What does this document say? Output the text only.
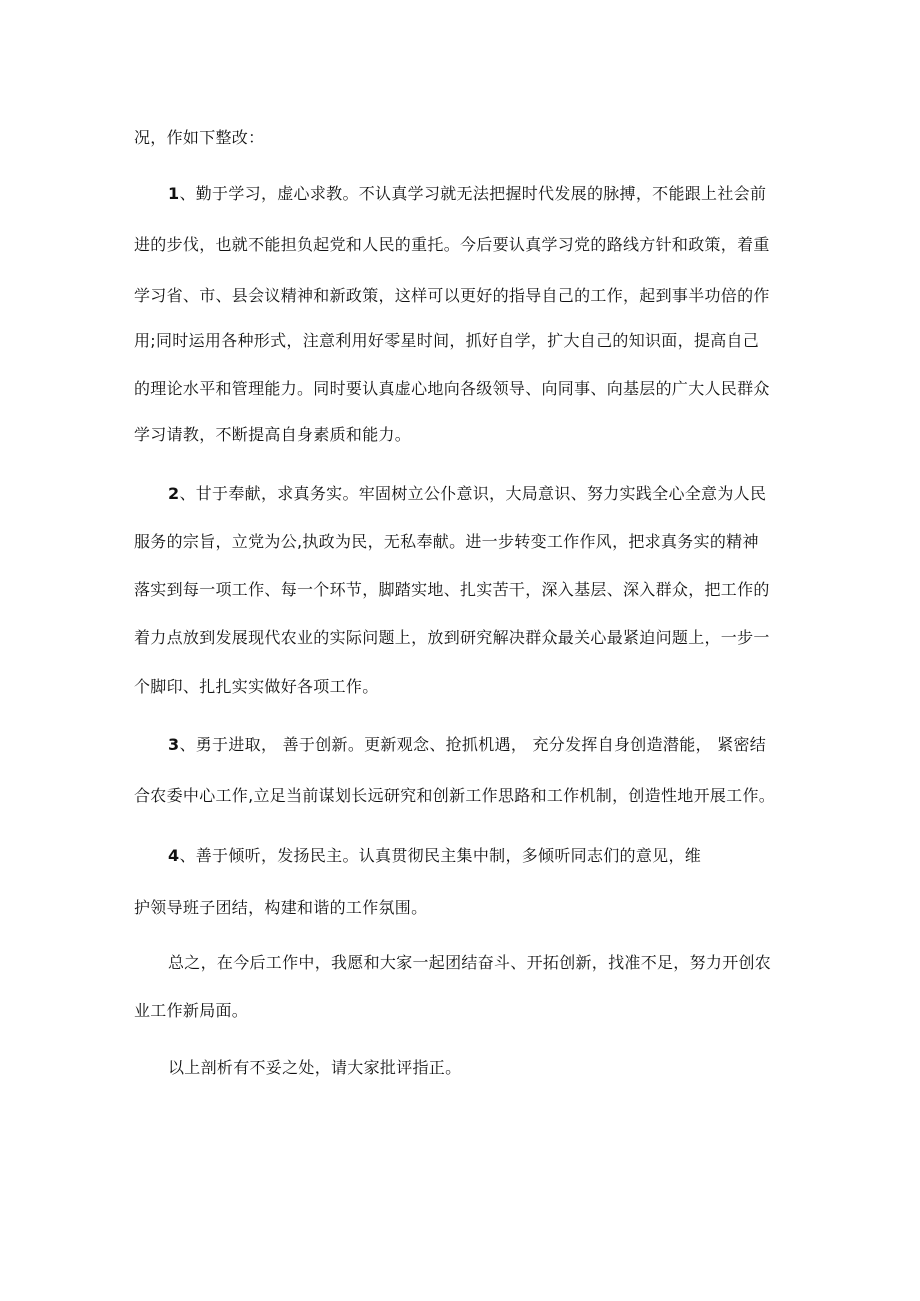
况，作如下整改：
1、勤于学习，虚心求教。不认真学习就无法把握时代发展的脉搏，不能跟上社会前
进的步伐，也就不能担负起党和人民的重托。今后要认真学习党的路线方针和政策，着重
学习省、市、县会议精神和新政策，这样可以更好的指导自己的工作，起到事半功倍的作
用;同时运用各种形式，注意利用好零星时间，抓好自学，扩大自己的知识面，提高自己
的理论水平和管理能力。同时要认真虚心地向各级领导、向同事、向基层的广大人民群众
学习请教，不断提高自身素质和能力。
2、甘于奉献，求真务实。牢固树立公仆意识，大局意识、努力实践全心全意为人民
服务的宗旨，立党为公,执政为民，无私奉献。进一步转变工作作风，把求真务实的精神
落实到每一项工作、每一个环节，脚踏实地、扎实苦干，深入基层、深入群众，把工作的
着力点放到发展现代农业的实际问题上，放到研究解决群众最关心最紧迫问题上，一步一
个脚印、扎扎实实做好各项工作。
3、勇于进取， 善于创新。更新观念、抢抓机遇， 充分发挥自身创造潜能， 紧密结
合农委中心工作,立足当前谋划长远研究和创新工作思路和工作机制，创造性地开展工作。
4、善于倾听，发扬民主。认真贯彻民主集中制，多倾听同志们的意见，维
护领导班子团结，构建和谐的工作氛围。
总之，在今后工作中，我愿和大家一起团结奋斗、开拓创新，找准不足，努力开创农
业工作新局面。
以上剖析有不妥之处，请大家批评指正。
